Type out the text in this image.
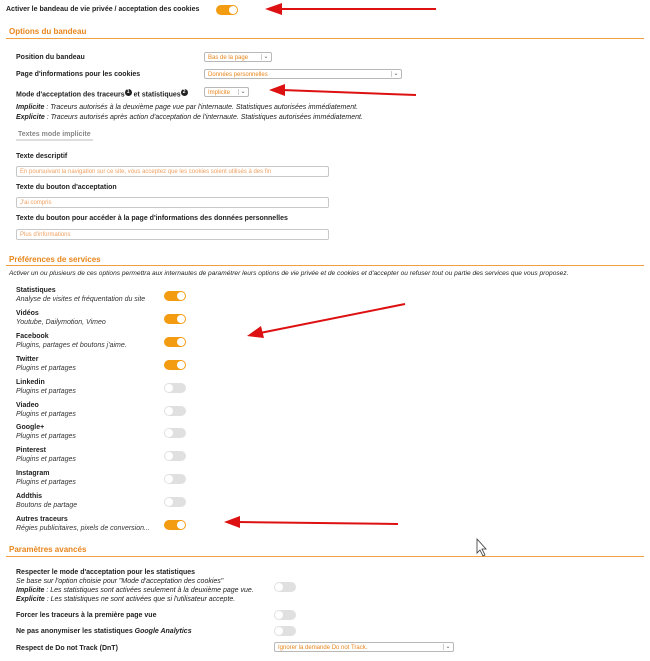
Activer le bandeau de vie privée / acceptation des cookies
Options du bandeau
Position du bandeau	Bas de la page	⌄
Page d'informations pour les cookies	Données personnelles	⌄
Mode d'acceptation des traceurs 1 et statistiques 2	Implicite	⌄
Implicite : Traceurs autorisés à la deuxième page vue par l'internaute. Statistiques autorisées immédiatement.
Explicite : Traceurs autorisés après action d'acceptation de l'internaute. Statistiques autorisées immédiatement.
Textes mode implicite
Texte descriptif
En poursuivant la navigation sur ce site, vous acceptez que les cookies soient utilisés à des fin
Texte du bouton d'acceptation
J'ai compris
Texte du bouton pour accéder à la page d'informations des données personnelles
Plus d'informations
Préférences de services
Activer un ou plusieurs de ces options permettra aux internautes de paramétrer leurs options de vie privée et de cookies et d'accepter ou refuser tout ou partie des services que vous proposez.
Statistiques
Analyse de visites et fréquentation du site
Vidéos
Youtube, Dailymotion, Vimeo
Facebook
Plugins, partages et boutons j'aime.
Twitter
Plugins et partages
Linkedin
Plugins et partages
Viadeo
Plugins et partages
Google+
Plugins et partages
Pinterest
Plugins et partages
Instagram
Plugins et partages
Addthis
Boutons de partage
Autres traceurs
Régies publicitaires, pixels de conversion...
Paramètres avancés
Respecter le mode d'acceptation pour les statistiques
Se base sur l'option choisie pour "Mode d'acceptation des cookies"
Implicite : Les statistiques sont activées seulement à la deuxième page vue.
Explicite : Les statistiques ne sont activées que si l'utilisateur accepte.
Forcer les traceurs à la première page vue
Ne pas anonymiser les statistiques Google Analytics
Respect de Do not Track (DnT)	Ignorer la demande Do not Track.	⌄
